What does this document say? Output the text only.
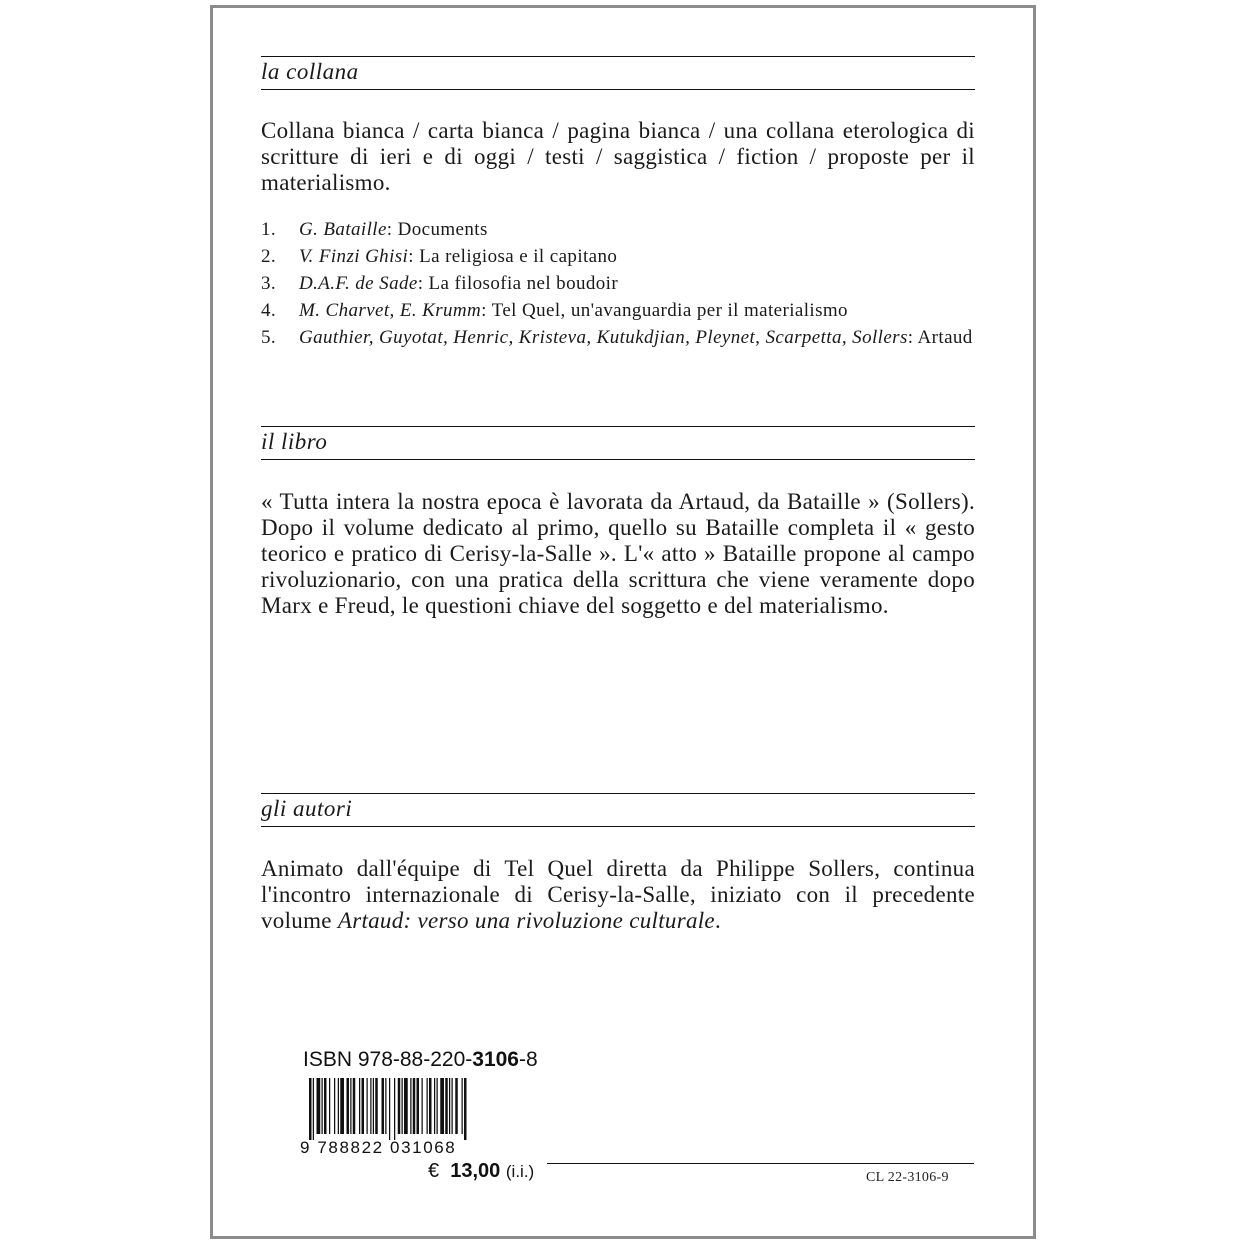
la collana
Collana bianca / carta bianca / pagina bianca / una collana eterologica di scritture di ieri e di oggi / testi / saggistica / fiction / proposte per il materialismo.
1. G. Bataille: Documents
2. V. Finzi Ghisi: La religiosa e il capitano
3. D.A.F. de Sade: La filosofia nel boudoir
4. M. Charvet, E. Krumm: Tel Quel, un'avanguardia per il materialismo
5. Gauthier, Guyotat, Henric, Kristeva, Kutukdjian, Pleynet, Scarpetta, Sollers: Artaud
il libro
« Tutta intera la nostra epoca è lavorata da Artaud, da Bataille » (Sollers). Dopo il volume dedicato al primo, quello su Bataille completa il « gesto teorico e pratico di Cerisy-la-Salle ». L'« atto » Bataille propone al campo rivoluzionario, con una pratica della scrittura che viene veramente dopo Marx e Freud, le questioni chiave del soggetto e del materialismo.
gli autori
Animato dall'équipe di Tel Quel diretta da Philippe Sollers, continua l'incontro internazionale di Cerisy-la-Salle, iniziato con il precedente volume Artaud: verso una rivoluzione culturale.
ISBN 978-88-220-3106-8
9 788822 031068
€ 13,00 (i.i.)	CL 22-3106-9
